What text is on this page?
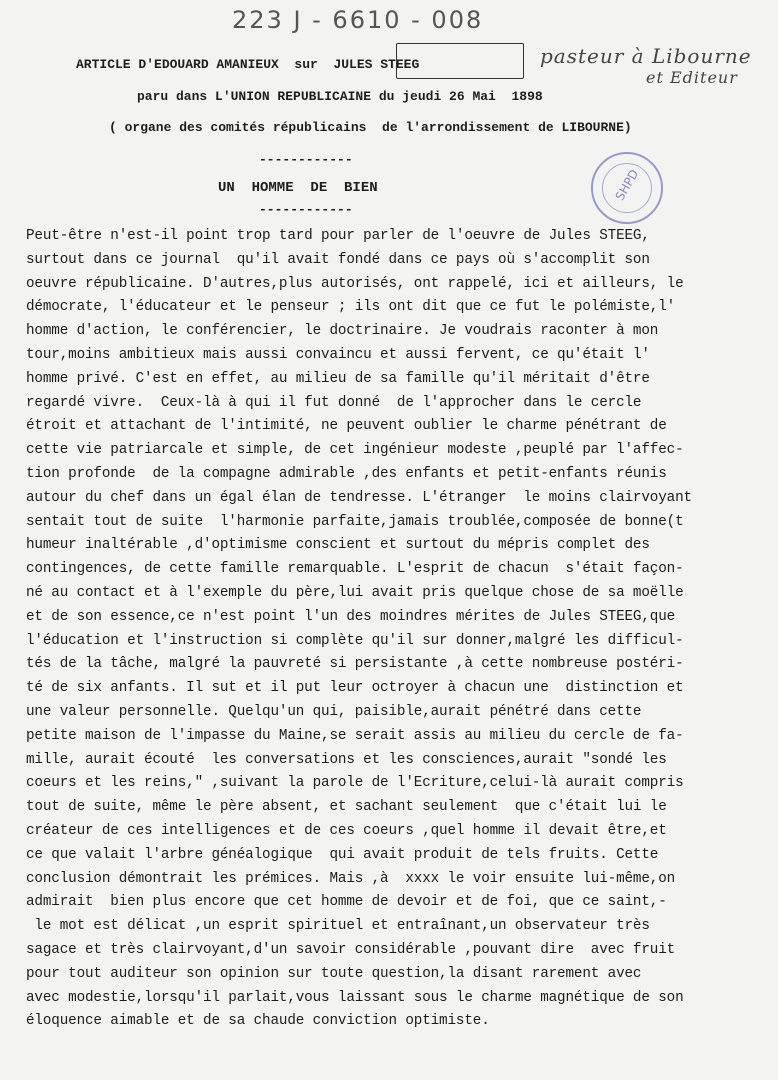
223 J - 6610 - 008
pasteur à Libourne
et Editeur
ARTICLE D'EDOUARD AMANIEUX  sur  JULES STEEG
paru dans L'UNION REPUBLICAINE du jeudi 26 Mai  1898
( organe des comités républicains  de l'arrondissement de LIBOURNE)
------------
UN  HOMME  DE  BIEN
------------
SHPD
Peut-être n'est-il point trop tard pour parler de l'oeuvre de Jules STEEG,
surtout dans ce journal  qu'il avait fondé dans ce pays où s'accomplit son
oeuvre républicaine. D'autres,plus autorisés, ont rappelé, ici et ailleurs, le
démocrate, l'éducateur et le penseur ; ils ont dit que ce fut le polémiste,l'
homme d'action, le conférencier, le doctrinaire. Je voudrais raconter à mon
tour,moins ambitieux mais aussi convaincu et aussi fervent, ce qu'était l'
homme privé. C'est en effet, au milieu de sa famille qu'il méritait d'être
regardé vivre.  Ceux-là à qui il fut donné  de l'approcher dans le cercle
étroit et attachant de l'intimité, ne peuvent oublier le charme pénétrant de
cette vie patriarcale et simple, de cet ingénieur modeste ,peuplé par l'affec-
tion profonde  de la compagne admirable ,des enfants et petit-enfants réunis
autour du chef dans un égal élan de tendresse. L'étranger  le moins clairvoyant
sentait tout de suite  l'harmonie parfaite,jamais troublée,composée de bonne(t
humeur inaltérable ,d'optimisme conscient et surtout du mépris complet des
contingences, de cette famille remarquable. L'esprit de chacun  s'était façon-
né au contact et à l'exemple du père,lui avait pris quelque chose de sa moëlle
et de son essence,ce n'est point l'un des moindres mérites de Jules STEEG,que
l'éducation et l'instruction si complète qu'il sur donner,malgré les difficul-
tés de la tâche, malgré la pauvreté si persistante ,à cette nombreuse postéri-
té de six anfants. Il sut et il put leur octroyer à chacun une  distinction et
une valeur personnelle. Quelqu'un qui, paisible,aurait pénétré dans cette
petite maison de l'impasse du Maine,se serait assis au milieu du cercle de fa-
mille, aurait écouté  les conversations et les consciences,aurait "sondé les
coeurs et les reins," ,suivant la parole de l'Ecriture,celui-là aurait compris
tout de suite, même le père absent, et sachant seulement  que c'était lui le
créateur de ces intelligences et de ces coeurs ,quel homme il devait être,et
ce que valait l'arbre généalogique  qui avait produit de tels fruits. Cette
conclusion démontrait les prémices. Mais ,à  xxxx le voir ensuite lui-même,on
admirait  bien plus encore que cet homme de devoir et de foi, que ce saint,-
le mot est délicat ,un esprit spirituel et entraînant,un observateur très
sagace et très clairvoyant,d'un savoir considérable ,pouvant dire  avec fruit
pour tout auditeur son opinion sur toute question,la disant rarement avec
avec modestie,lorsqu'il parlait,vous laissant sous le charme magnétique de son
éloquence aimable et de sa chaude conviction optimiste.
